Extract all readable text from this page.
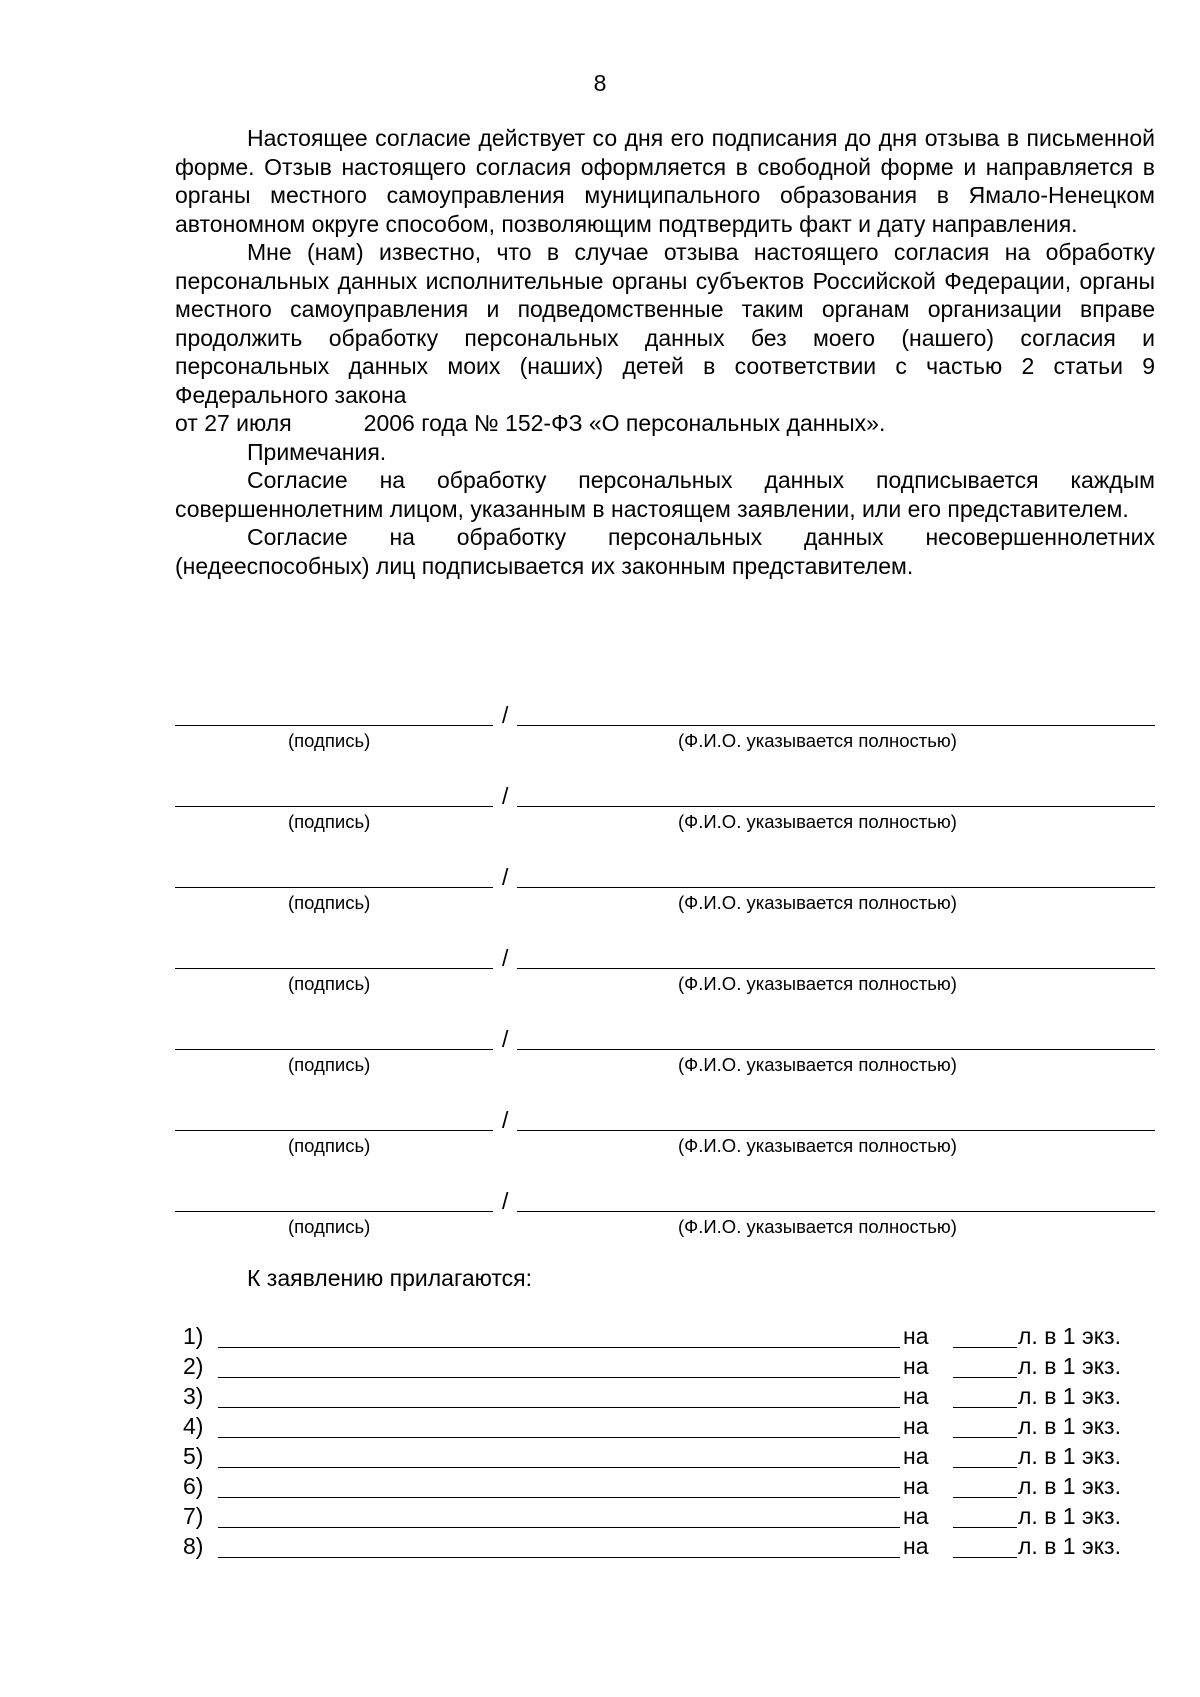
8

Настоящее согласие действует со дня его подписания до дня отзыва в письменной форме. Отзыв настоящего согласия оформляется в свободной форме и направляется в органы местного самоуправления муниципального образования в Ямало-Ненецком автономном округе способом, позволяющим подтвердить факт и дату направления.

Мне (нам) известно, что в случае отзыва настоящего согласия на обработку персональных данных исполнительные органы субъектов Российской Федерации, органы местного самоуправления и подведомственные таким органам организации вправе продолжить обработку персональных данных без моего (нашего) согласия и персональных данных моих (наших) детей в соответствии с частью 2 статьи 9 Федерального закона

от 27 июля	2006 года № 152-ФЗ «О персональных данных».

Примечания.

Согласие на обработку персональных данных подписывается каждым совершеннолетним лицом, указанным в настоящем заявлении, или его представителем.

Согласие на обработку персональных данных несовершеннолетних (недееспособных) лиц подписывается их законным представителем.

/
(подпись)	(Ф.И.О. указывается полностью)
/
(подпись)	(Ф.И.О. указывается полностью)
/
(подпись)	(Ф.И.О. указывается полностью)
/
(подпись)	(Ф.И.О. указывается полностью)
/
(подпись)	(Ф.И.О. указывается полностью)
/
(подпись)	(Ф.И.О. указывается полностью)
/
(подпись)	(Ф.И.О. указывается полностью)
К заявлению прилагаются:
1)	на	л. в 1 экз.
2)	на	л. в 1 экз.
3)	на	л. в 1 экз.
4)	на	л. в 1 экз.
5)	на	л. в 1 экз.
6)	на	л. в 1 экз.
7)	на	л. в 1 экз.
8)	на	л. в 1 экз.
